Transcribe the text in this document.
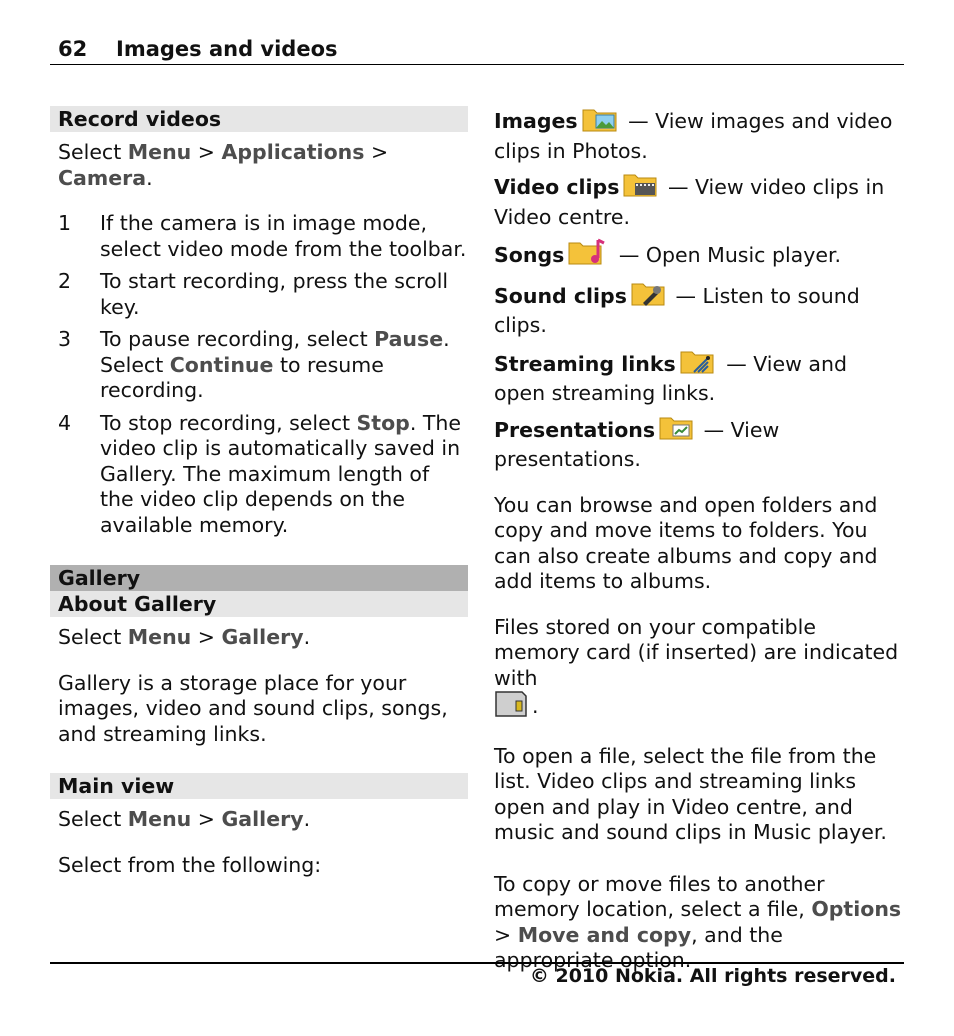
62 Images and videos
Record videos

Select Menu > Applications > Camera.

1 If the camera is in image mode, select video mode from the toolbar.
2 To start recording, press the scroll key.
3 To pause recording, select Pause. Select Continue to resume recording.
4 To stop recording, select Stop. The video clip is automatically saved in Gallery. The maximum length of the video clip depends on the available memory.
Gallery
About Gallery

Select Menu > Gallery.

Gallery is a storage place for your images, video and sound clips, songs, and streaming links.

Main view

Select Menu > Gallery.

Select from the following:

Images — View images and video clips in Photos.

Video clips — View video clips in Video centre.

Songs — Open Music player.

Sound clips — Listen to sound clips.

Streaming links — View and open streaming links.

Presentations — View presentations.

You can browse and open folders and copy and move items to folders. You can also create albums and copy and add items to albums.

Files stored on your compatible memory card (if inserted) are indicated with
.

To open a file, select the file from the list. Video clips and streaming links open and play in Video centre, and music and sound clips in Music player.

To copy or move files to another memory location, select a file, Options > Move and copy, and the appropriate option.

© 2010 Nokia. All rights reserved.
